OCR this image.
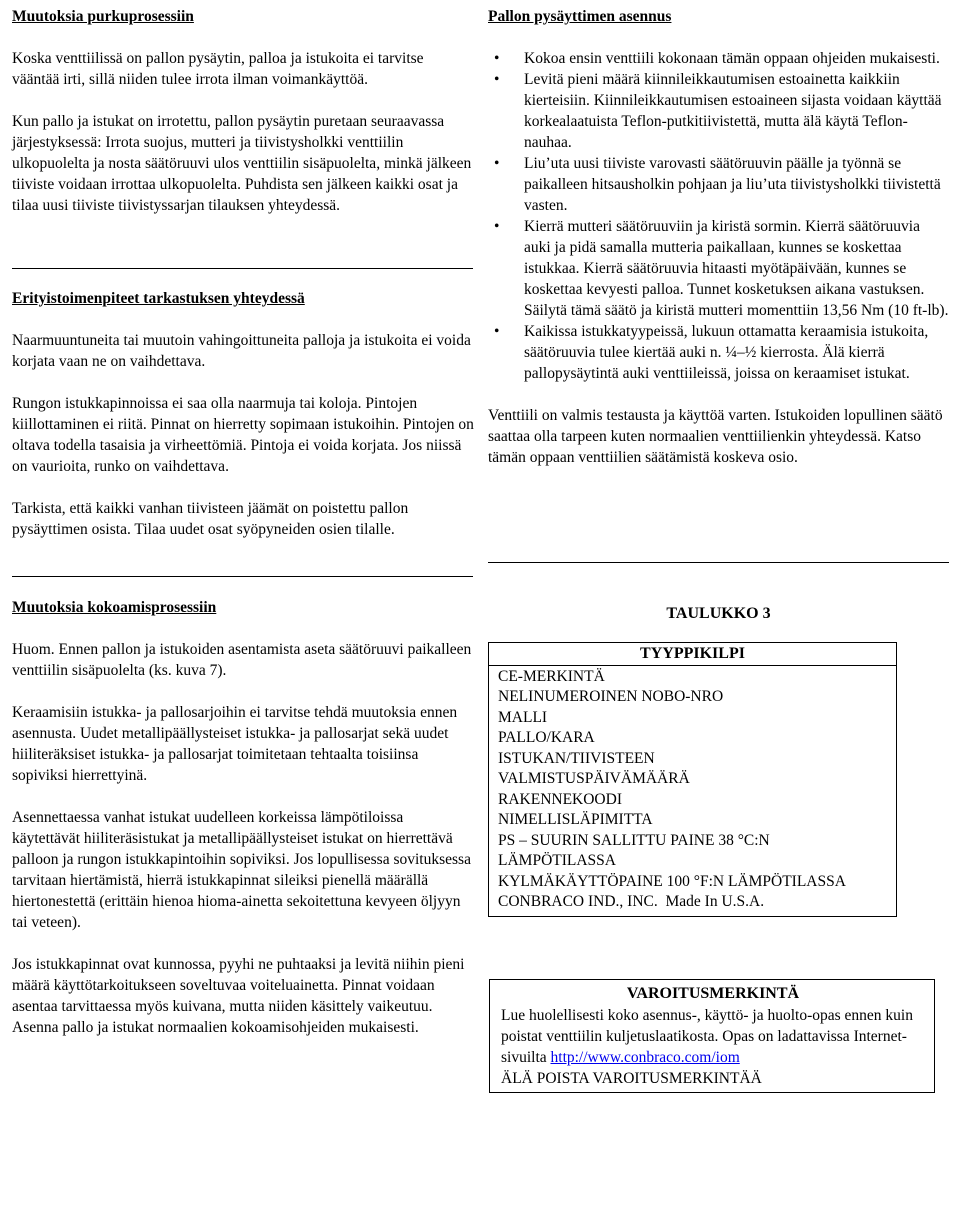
Muutoksia purkuprosessiin

Koska venttiilissä on pallon pysäytin, palloa ja istukoita ei tarvitse vääntää irti, sillä niiden tulee irrota ilman voimankäyttöä.

Kun pallo ja istukat on irrotettu, pallon pysäytin puretaan seuraavassa järjestyksessä: Irrota suojus, mutteri ja tiivistysholkki venttiilin ulkopuolelta ja nosta säätöruuvi ulos venttiilin sisäpuolelta, minkä jälkeen tiiviste voidaan irrottaa ulkopuolelta. Puhdista sen jälkeen kaikki osat ja tilaa uusi tiiviste tiivistyssarjan tilauksen yhteydessä.

Erityistoimenpiteet tarkastuksen yhteydessä

Naarmuuntuneita tai muutoin vahingoittuneita palloja ja istukoita ei voida korjata vaan ne on vaihdettava.

Rungon istukkapinnoissa ei saa olla naarmuja tai koloja. Pintojen kiillottaminen ei riitä. Pinnat on hierretty sopimaan istukoihin. Pintojen on oltava todella tasaisia ja virheettömiä. Pintoja ei voida korjata. Jos niissä on vaurioita, runko on vaihdettava.

Tarkista, että kaikki vanhan tiivisteen jäämät on poistettu pallon pysäyttimen osista. Tilaa uudet osat syöpyneiden osien tilalle.

Muutoksia kokoamisprosessiin

Huom. Ennen pallon ja istukoiden asentamista aseta säätöruuvi paikalleen venttiilin sisäpuolelta (ks. kuva 7).

Keraamisiin istukka- ja pallosarjoihin ei tarvitse tehdä muutoksia ennen asennusta. Uudet metallipäällysteiset istukka- ja pallosarjat sekä uudet hiiliteräksiset istukka- ja pallosarjat toimitetaan tehtaalta toisiinsa sopiviksi hierrettyinä.

Asennettaessa vanhat istukat uudelleen korkeissa lämpötiloissa käytettävät hiiliteräsistukat ja metallipäällysteiset istukat on hierrettävä palloon ja rungon istukkapintoihin sopiviksi. Jos lopullisessa sovituksessa tarvitaan hiertämistä, hierrä istukkapinnat sileiksi pienellä määrällä hiertonestettä (erittäin hienoa hioma-ainetta sekoitettuna kevyeen öljyyn tai veteen).

Jos istukkapinnat ovat kunnossa, pyyhi ne puhtaaksi ja levitä niihin pieni määrä käyttötarkoitukseen soveltuvaa voiteluainetta. Pinnat voidaan asentaa tarvittaessa myös kuivana, mutta niiden käsittely vaikeutuu. Asenna pallo ja istukat normaalien kokoamisohjeiden mukaisesti.

Pallon pysäyttimen asennus

• Kokoa ensin venttiili kokonaan tämän oppaan ohjeiden mukaisesti.
• Levitä pieni määrä kiinnileikkautumisen estoainetta kaikkiin kierteisiin. Kiinnileikkautumisen estoaineen sijasta voidaan käyttää korkealaatuista Teflon-putkitiivistettä, mutta älä käytä Teflon-nauhaa.
• Liu’uta uusi tiiviste varovasti säätöruuvin päälle ja työnnä se paikalleen hitsausholkin pohjaan ja liu’uta tiivistysholkki tiivistettä vasten.
• Kierrä mutteri säätöruuviin ja kiristä sormin. Kierrä säätöruuvia auki ja pidä samalla mutteria paikallaan, kunnes se koskettaa istukkaa. Kierrä säätöruuvia hitaasti myötäpäivään, kunnes se koskettaa kevyesti palloa. Tunnet kosketuksen aikana vastuksen. Säilytä tämä säätö ja kiristä mutteri momenttiin 13,56 Nm (10 ft-lb).
• Kaikissa istukkatyypeissä, lukuun ottamatta keraamisia istukoita, säätöruuvia tulee kiertää auki n. ¼–½ kierrosta. Älä kierrä pallopysäytintä auki venttiileissä, joissa on keraamiset istukat.

Venttiili on valmis testausta ja käyttöä varten. Istukoiden lopullinen säätö saattaa olla tarpeen kuten normaalien venttiilienkin yhteydessä. Katso tämän oppaan venttiilien säätämistä koskeva osio.

TAULUKKO 3

TYYPPIKILPI

CE-MERKINTÄ
NELINUMEROINEN NOBO-NRO
MALLI
PALLO/KARA
ISTUKAN/TIIVISTEEN
VALMISTUSPÄIVÄMÄÄRÄ
RAKENNEKOODI
NIMELLISLÄPIMITTA
PS – SUURIN SALLITTU PAINE 38 °C:N LÄMPÖTILASSA
KYLMÄKÄYTTÖPAINE 100 °F:N LÄMPÖTILASSA
CONBRACO IND., INC.  Made In U.S.A.

VAROITUSMERKINTÄ

Lue huolellisesti koko asennus-, käyttö- ja huolto-opas ennen kuin poistat venttiilin kuljetuslaatikosta. Opas on ladattavissa Internet-sivuilta http://www.conbraco.com/iom

ÄLÄ POISTA VAROITUSMERKINTÄÄ
